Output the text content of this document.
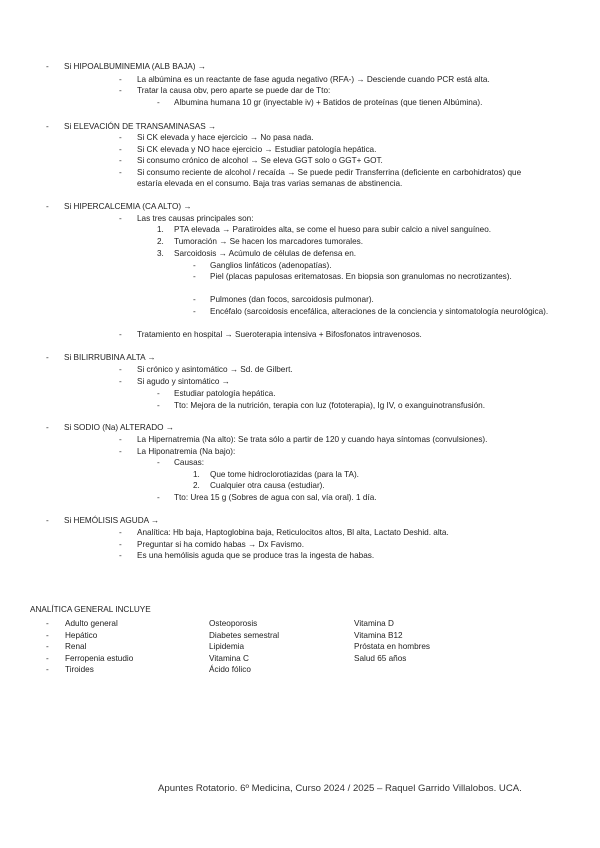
- Si HIPOALBUMINEMIA (ALB BAJA) →
- La albúmina es un reactante de fase aguda negativo (RFA-) → Desciende cuando PCR está alta.
- Tratar la causa obv, pero aparte se puede dar de Tto:
- Albumina humana 10 gr (inyectable iv) + Batidos de proteínas (que tienen Albúmina).
- Si ELEVACIÓN DE TRANSAMINASAS →
- Si CK elevada y hace ejercicio → No pasa nada.
- Si CK elevada y NO hace ejercicio → Estudiar patología hepática.
- Si consumo crónico de alcohol → Se eleva GGT solo o GGT+ GOT.
- Si consumo reciente de alcohol / recaída → Se puede pedir Transferrina (deficiente en carbohidratos) que estaría elevada en el consumo. Baja tras varias semanas de abstinencia.
- Si HIPERCALCEMIA (CA ALTO) →
- Las tres causas principales son:
1. PTA elevada → Paratiroides alta, se come el hueso para subir calcio a nivel sanguíneo.
2. Tumoración → Se hacen los marcadores tumorales.
3. Sarcoidosis → Acúmulo de células de defensa en.
- Ganglios linfáticos (adenopatías).
- Piel (placas papulosas eritematosas. En biopsia son granulomas no necrotizantes).
- Pulmones (dan focos, sarcoidosis pulmonar).
- Encéfalo (sarcoidosis encefálica, alteraciones de la conciencia y sintomatología neurológica).
- Tratamiento en hospital → Sueroterapia intensiva + Bifosfonatos intravenosos.
- Si BILIRRUBINA ALTA →
- Si crónico y asintomático → Sd. de Gilbert.
- Si agudo y sintomático →
- Estudiar patología hepática.
- Tto: Mejora de la nutrición, terapia con luz (fototerapia), Ig IV, o exanguinotransfusión.
- Si SODIO (Na) ALTERADO →
- La Hipernatremia (Na alto): Se trata sólo a partir de 120 y cuando haya síntomas (convulsiones).
- La Hiponatremia (Na bajo):
- Causas:
1. Que tome hidroclorotiazidas (para la TA).
2. Cualquier otra causa (estudiar).
- Tto: Urea 15 g (Sobres de agua con sal, vía oral). 1 día.
- Si HEMÓLISIS AGUDA →
- Analítica: Hb baja, Haptoglobina baja, Reticulocitos altos, Bl alta, Lactato Deshid. alta.
- Preguntar si ha comido habas → Dx Favismo.
- Es una hemólisis aguda que se produce tras la ingesta de habas.
ANALÍTICA GENERAL INCLUYE
-
-
-
-
-
Adulto general
Hepático
Renal
Ferropenia estudio
Tiroides
Osteoporosis
Diabetes semestral
Lipidemia
Vitamina C
Ácido fólico
Vitamina D
Vitamina B12
Próstata en hombres
Salud 65 años
Apuntes Rotatorio. 6º Medicina, Curso 2024 / 2025 – Raquel Garrido Villalobos. UCA.
